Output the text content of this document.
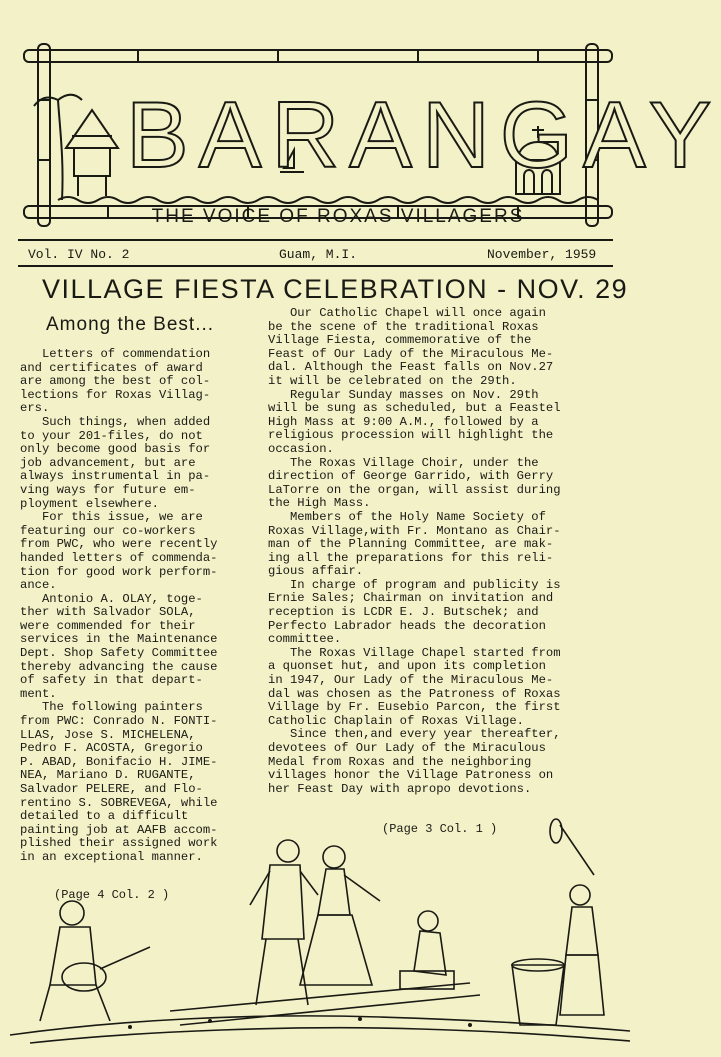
BARANGAY
THE VOICE OF ROXAS VILLAGERS
Vol. IV No. 2	Guam, M.I.	November, 1959
VILLAGE FIESTA CELEBRATION - NOV. 29
Among the Best...
Letters of commendation
and certificates of award
are among the best of col-
lections for Roxas Villag-
ers.
Such things, when added
to your 201-files, do not
only become good basis for
job advancement, but are
always instrumental in pa-
ving ways for future em-
ployment elsewhere.
For this issue, we are
featuring our co-workers
from PWC, who were recently
handed letters of commenda-
tion for good work perform-
ance.
Antonio A. OLAY, toge-
ther with Salvador SOLA,
were commended for their
services in the Maintenance
Dept. Shop Safety Committee
thereby advancing the cause
of safety in that depart-
ment.
The following painters
from PWC: Conrado N. FONTI-
LLAS, Jose S. MICHELENA,
Pedro F. ACOSTA, Gregorio
P. ABAD, Bonifacio H. JIME-
NEA, Mariano D. RUGANTE,
Salvador PELERE, and Flo-
rentino S. SOBREVEGA, while
detailed to a difficult
painting job at AAFB accom-
plished their assigned work
in an exceptional manner.
(Page 4 Col. 2 )
Our Catholic Chapel will once again
be the scene of the traditional Roxas
Village Fiesta, commemorative of the
Feast of Our Lady of the Miraculous Me-
dal. Although the Feast falls on Nov.27
it will be celebrated on the 29th.
Regular Sunday masses on Nov. 29th
will be sung as scheduled, but a Feastel
High Mass at 9:00 A.M., followed by a
religious procession will highlight the
occasion.
The Roxas Village Choir, under the
direction of George Garrido, with Gerry
LaTorre on the organ, will assist during
the High Mass.
Members of the Holy Name Society of
Roxas Village,with Fr. Montano as Chair-
man of the Planning Committee, are mak-
ing all the preparations for this reli-
gious affair.
In charge of program and publicity is
Ernie Sales; Chairman on invitation and
reception is LCDR E. J. Butschek; and
Perfecto Labrador heads the decoration
committee.
The Roxas Village Chapel started from
a quonset hut, and upon its completion
in 1947, Our Lady of the Miraculous Me-
dal was chosen as the Patroness of Roxas
Village by Fr. Eusebio Parcon, the first
Catholic Chaplain of Roxas Village.
Since then,and every year thereafter,
devotees of Our Lady of the Miraculous
Medal from Roxas and the neighboring
villages honor the Village Patroness on
her Feast Day with apropo devotions.
(Page 3 Col. 1 )
